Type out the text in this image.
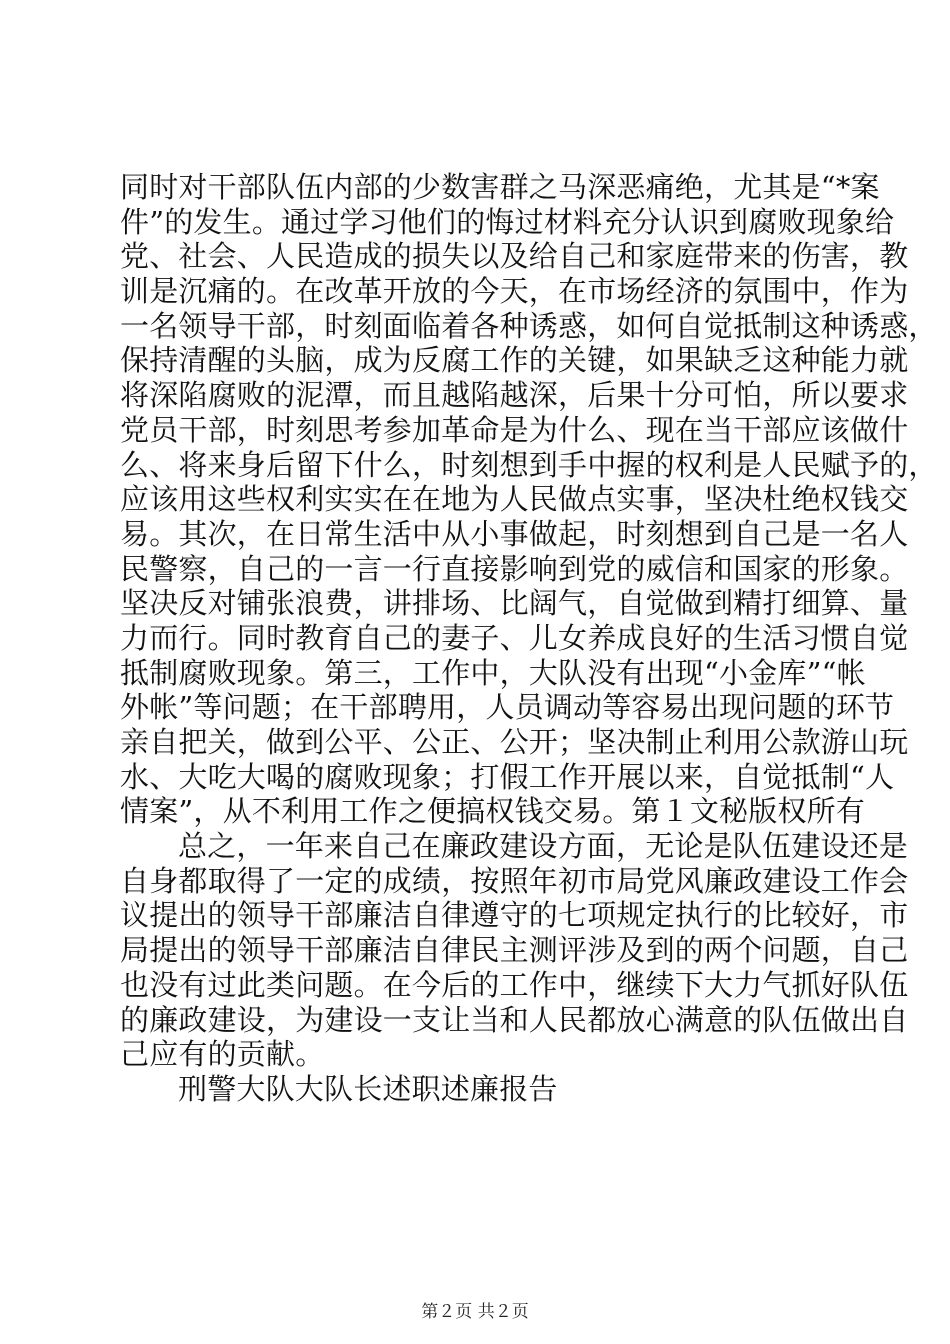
同时对干部队伍内部的少数害群之马深恶痛绝，尤其是“*案
件”的发生。通过学习他们的悔过材料充分认识到腐败现象给
党、社会、人民造成的损失以及给自己和家庭带来的伤害，教
训是沉痛的。在改革开放的今天，在市场经济的氛围中，作为
一名领导干部，时刻面临着各种诱惑，如何自觉抵制这种诱惑，
保持清醒的头脑，成为反腐工作的关键，如果缺乏这种能力就
将深陷腐败的泥潭，而且越陷越深，后果十分可怕，所以要求
党员干部，时刻思考参加革命是为什么、现在当干部应该做什
么、将来身后留下什么，时刻想到手中握的权利是人民赋予的，
应该用这些权利实实在在地为人民做点实事，坚决杜绝权钱交
易。其次，在日常生活中从小事做起，时刻想到自己是一名人
民警察，自己的一言一行直接影响到党的威信和国家的形象。
坚决反对铺张浪费，讲排场、比阔气，自觉做到精打细算、量
力而行。同时教育自己的妻子、儿女养成良好的生活习惯自觉
抵制腐败现象。第三，工作中，大队没有出现“小金库”“帐
外帐”等问题；在干部聘用，人员调动等容易出现问题的环节
亲自把关，做到公平、公正、公开；坚决制止利用公款游山玩
水、大吃大喝的腐败现象；打假工作开展以来，自觉抵制“人
情案”，从不利用工作之便搞权钱交易。第１文秘版权所有
总之，一年来自己在廉政建设方面，无论是队伍建设还是
自身都取得了一定的成绩，按照年初市局党风廉政建设工作会
议提出的领导干部廉洁自律遵守的七项规定执行的比较好，市
局提出的领导干部廉洁自律民主测评涉及到的两个问题，自己
也没有过此类问题。在今后的工作中，继续下大力气抓好队伍
的廉政建设，为建设一支让当和人民都放心满意的队伍做出自
己应有的贡献。
刑警大队大队长述职述廉报告
第２页 共２页
